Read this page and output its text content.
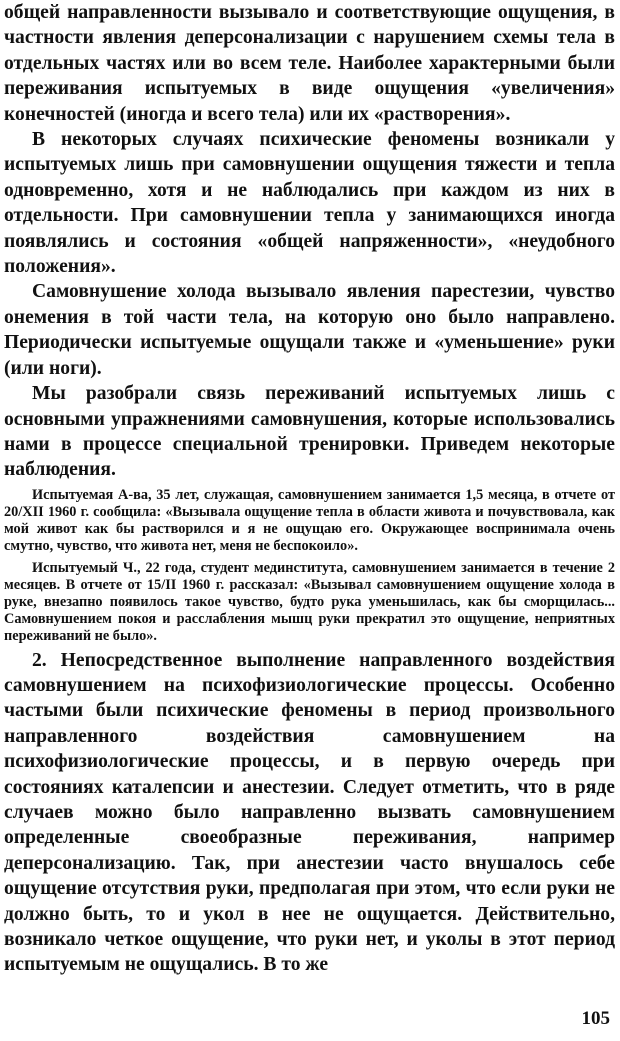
общей направленности вызывало и соответствующие ощущения, в частности явления деперсонализации с нарушением схемы тела в отдельных частях или во всем теле. Наиболее характерными были переживания испытуемых в виде ощущения «увеличения» конечностей (иногда и всего тела) или их «растворения».

В некоторых случаях психические феномены возникали у испытуемых лишь при самовнушении ощущения тяжести и тепла одновременно, хотя и не наблюдались при каждом из них в отдельности. При самовнушении тепла у занимающихся иногда появлялись и состояния «общей напряженности», «неудобного положения».

Самовнушение холода вызывало явления парестезии, чувство онемения в той части тела, на которую оно было направлено. Периодически испытуемые ощущали также и «уменьшение» руки (или ноги).

Мы разобрали связь переживаний испытуемых лишь с основными упражнениями самовнушения, которые использовались нами в процессе специальной тренировки. Приведем некоторые наблюдения.

Испытуемая А-ва, 35 лет, служащая, самовнушением занимается 1,5 месяца, в отчете от 20/XII 1960 г. сообщила: «Вызывала ощущение тепла в области живота и почувствовала, как мой живот как бы растворился и я не ощущаю его. Окружающее воспринимала очень смутно, чувство, что живота нет, меня не беспокоило».

Испытуемый Ч., 22 года, студент мединститута, самовнушением занимается в течение 2 месяцев. В отчете от 15/II 1960 г. рассказал: «Вызывал самовнушением ощущение холода в руке, внезапно появилось такое чувство, будто рука уменьшилась, как бы сморщилась... Самовнушением покоя и расслабления мышц руки прекратил это ощущение, неприятных переживаний не было».

2. Непосредственное выполнение направленного воздействия самовнушением на психофизиологические процессы. Особенно частыми были психические феномены в период произвольного направленного воздействия самовнушением на психофизиологические процессы, и в первую очередь при состояниях каталепсии и анестезии. Следует отметить, что в ряде случаев можно было направленно вызвать самовнушением определенные своеобразные переживания, например деперсонализацию. Так, при анестезии часто внушалось себе ощущение отсутствия руки, предполагая при этом, что если руки не должно быть, то и укол в нее не ощущается. Действительно, возникало четкое ощущение, что руки нет, и уколы в этот период испытуемым не ощущались. В то же

105
